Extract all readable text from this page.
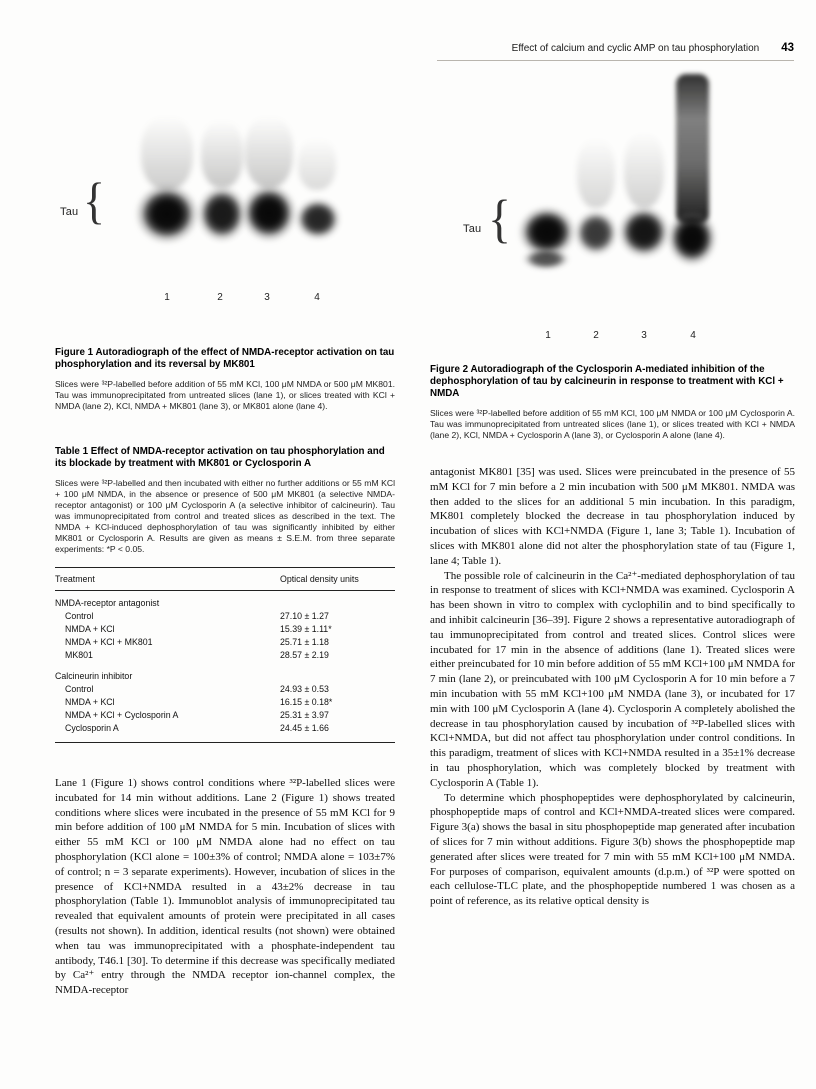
Effect of calcium and cyclic AMP on tau phosphorylation 43
Tau {
1	2	3	4

Figure 1 Autoradiograph of the effect of NMDA-receptor activation on tau phosphorylation and its reversal by MK801

Slices were ³²P-labelled before addition of 55 mM KCl, 100 μM NMDA or 500 μM MK801. Tau was immunoprecipitated from untreated slices (lane 1), or slices treated with KCl + NMDA (lane 2), KCl, NMDA + MK801 (lane 3), or MK801 alone (lane 4).

Table 1 Effect of NMDA-receptor activation on tau phosphorylation and its blockade by treatment with MK801 or Cyclosporin A

Slices were ³²P-labelled and then incubated with either no further additions or 55 mM KCl + 100 μM NMDA, in the absence or presence of 500 μM MK801 (a selective NMDA-receptor antagonist) or 100 μM Cyclosporin A (a selective inhibitor of calcineurin). Tau was immunoprecipitated from control and treated slices as described in the text. The NMDA + KCl-induced dephosphorylation of tau was significantly inhibited by either MK801 or Cyclosporin A. Results are given as means ± S.E.M. from three separate experiments: *P < 0.05.

Treatment	Optical density units
NMDA-receptor antagonist
Control	27.10 ± 1.27
NMDA + KCl	15.39 ± 1.11*
NMDA + KCl + MK801	25.71 ± 1.18
MK801	28.57 ± 2.19
Calcineurin inhibitor
Control	24.93 ± 0.53
NMDA + KCl	16.15 ± 0.18*
NMDA + KCl + Cyclosporin A	25.31 ± 3.97
Cyclosporin A	24.45 ± 1.66

Lane 1 (Figure 1) shows control conditions where ³²P-labelled slices were incubated for 14 min without additions. Lane 2 (Figure 1) shows treated conditions where slices were incubated in the presence of 55 mM KCl for 9 min before addition of 100 μM NMDA for 5 min. Incubation of slices with either 55 mM KCl or 100 μM NMDA alone had no effect on tau phosphorylation (KCl alone = 100±3% of control; NMDA alone = 103±7% of control; n = 3 separate experiments). However, incubation of slices in the presence of KCl+NMDA resulted in a 43±2% decrease in tau phosphorylation (Table 1). Immunoblot analysis of immunoprecipitated tau revealed that equivalent amounts of protein were precipitated in all cases (results not shown). In addition, identical results (not shown) were obtained when tau was immunoprecipitated with a phosphate-independent tau antibody, T46.1 [30]. To determine if this decrease was specifically mediated by Ca²⁺ entry through the NMDA receptor ion-channel complex, the NMDA-receptor

Tau {
1	2	3	4

Figure 2 Autoradiograph of the Cyclosporin A-mediated inhibition of the dephosphorylation of tau by calcineurin in response to treatment with KCl + NMDA

Slices were ³²P-labelled before addition of 55 mM KCl, 100 μM NMDA or 100 μM Cyclosporin A. Tau was immunoprecipitated from untreated slices (lane 1), or slices treated with KCl + NMDA (lane 2), KCl, NMDA + Cyclosporin A (lane 3), or Cyclosporin A alone (lane 4).

antagonist MK801 [35] was used. Slices were preincubated in the presence of 55 mM KCl for 7 min before a 2 min incubation with 500 μM MK801. NMDA was then added to the slices for an additional 5 min incubation. In this paradigm, MK801 completely blocked the decrease in tau phosphorylation induced by incubation of slices with KCl+NMDA (Figure 1, lane 3; Table 1). Incubation of slices with MK801 alone did not alter the phosphorylation state of tau (Figure 1, lane 4; Table 1).

The possible role of calcineurin in the Ca²⁺-mediated dephosphorylation of tau in response to treatment of slices with KCl+NMDA was examined. Cyclosporin A has been shown in vitro to complex with cyclophilin and to bind specifically to and inhibit calcineurin [36–39]. Figure 2 shows a representative autoradiograph of tau immunoprecipitated from control and treated slices. Control slices were incubated for 17 min in the absence of additions (lane 1). Treated slices were either preincubated for 10 min before addition of 55 mM KCl+100 μM NMDA for 7 min (lane 2), or preincubated with 100 μM Cyclosporin A for 10 min before a 7 min incubation with 55 mM KCl+100 μM NMDA (lane 3), or incubated for 17 min with 100 μM Cyclosporin A (lane 4). Cyclosporin A completely abolished the decrease in tau phosphorylation caused by incubation of ³²P-labelled slices with KCl+NMDA, but did not affect tau phosphorylation under control conditions. In this paradigm, treatment of slices with KCl+NMDA resulted in a 35±1% decrease in tau phosphorylation, which was completely blocked by treatment with Cyclosporin A (Table 1).

To determine which phosphopeptides were dephosphorylated by calcineurin, phosphopeptide maps of control and KCl+NMDA-treated slices were compared. Figure 3(a) shows the basal in situ phosphopeptide map generated after incubation of slices for 7 min without additions. Figure 3(b) shows the phosphopeptide map generated after slices were treated for 7 min with 55 mM KCl+100 μM NMDA. For purposes of comparison, equivalent amounts (d.p.m.) of ³²P were spotted on each cellulose-TLC plate, and the phosphopeptide numbered 1 was chosen as a point of reference, as its relative optical density is
